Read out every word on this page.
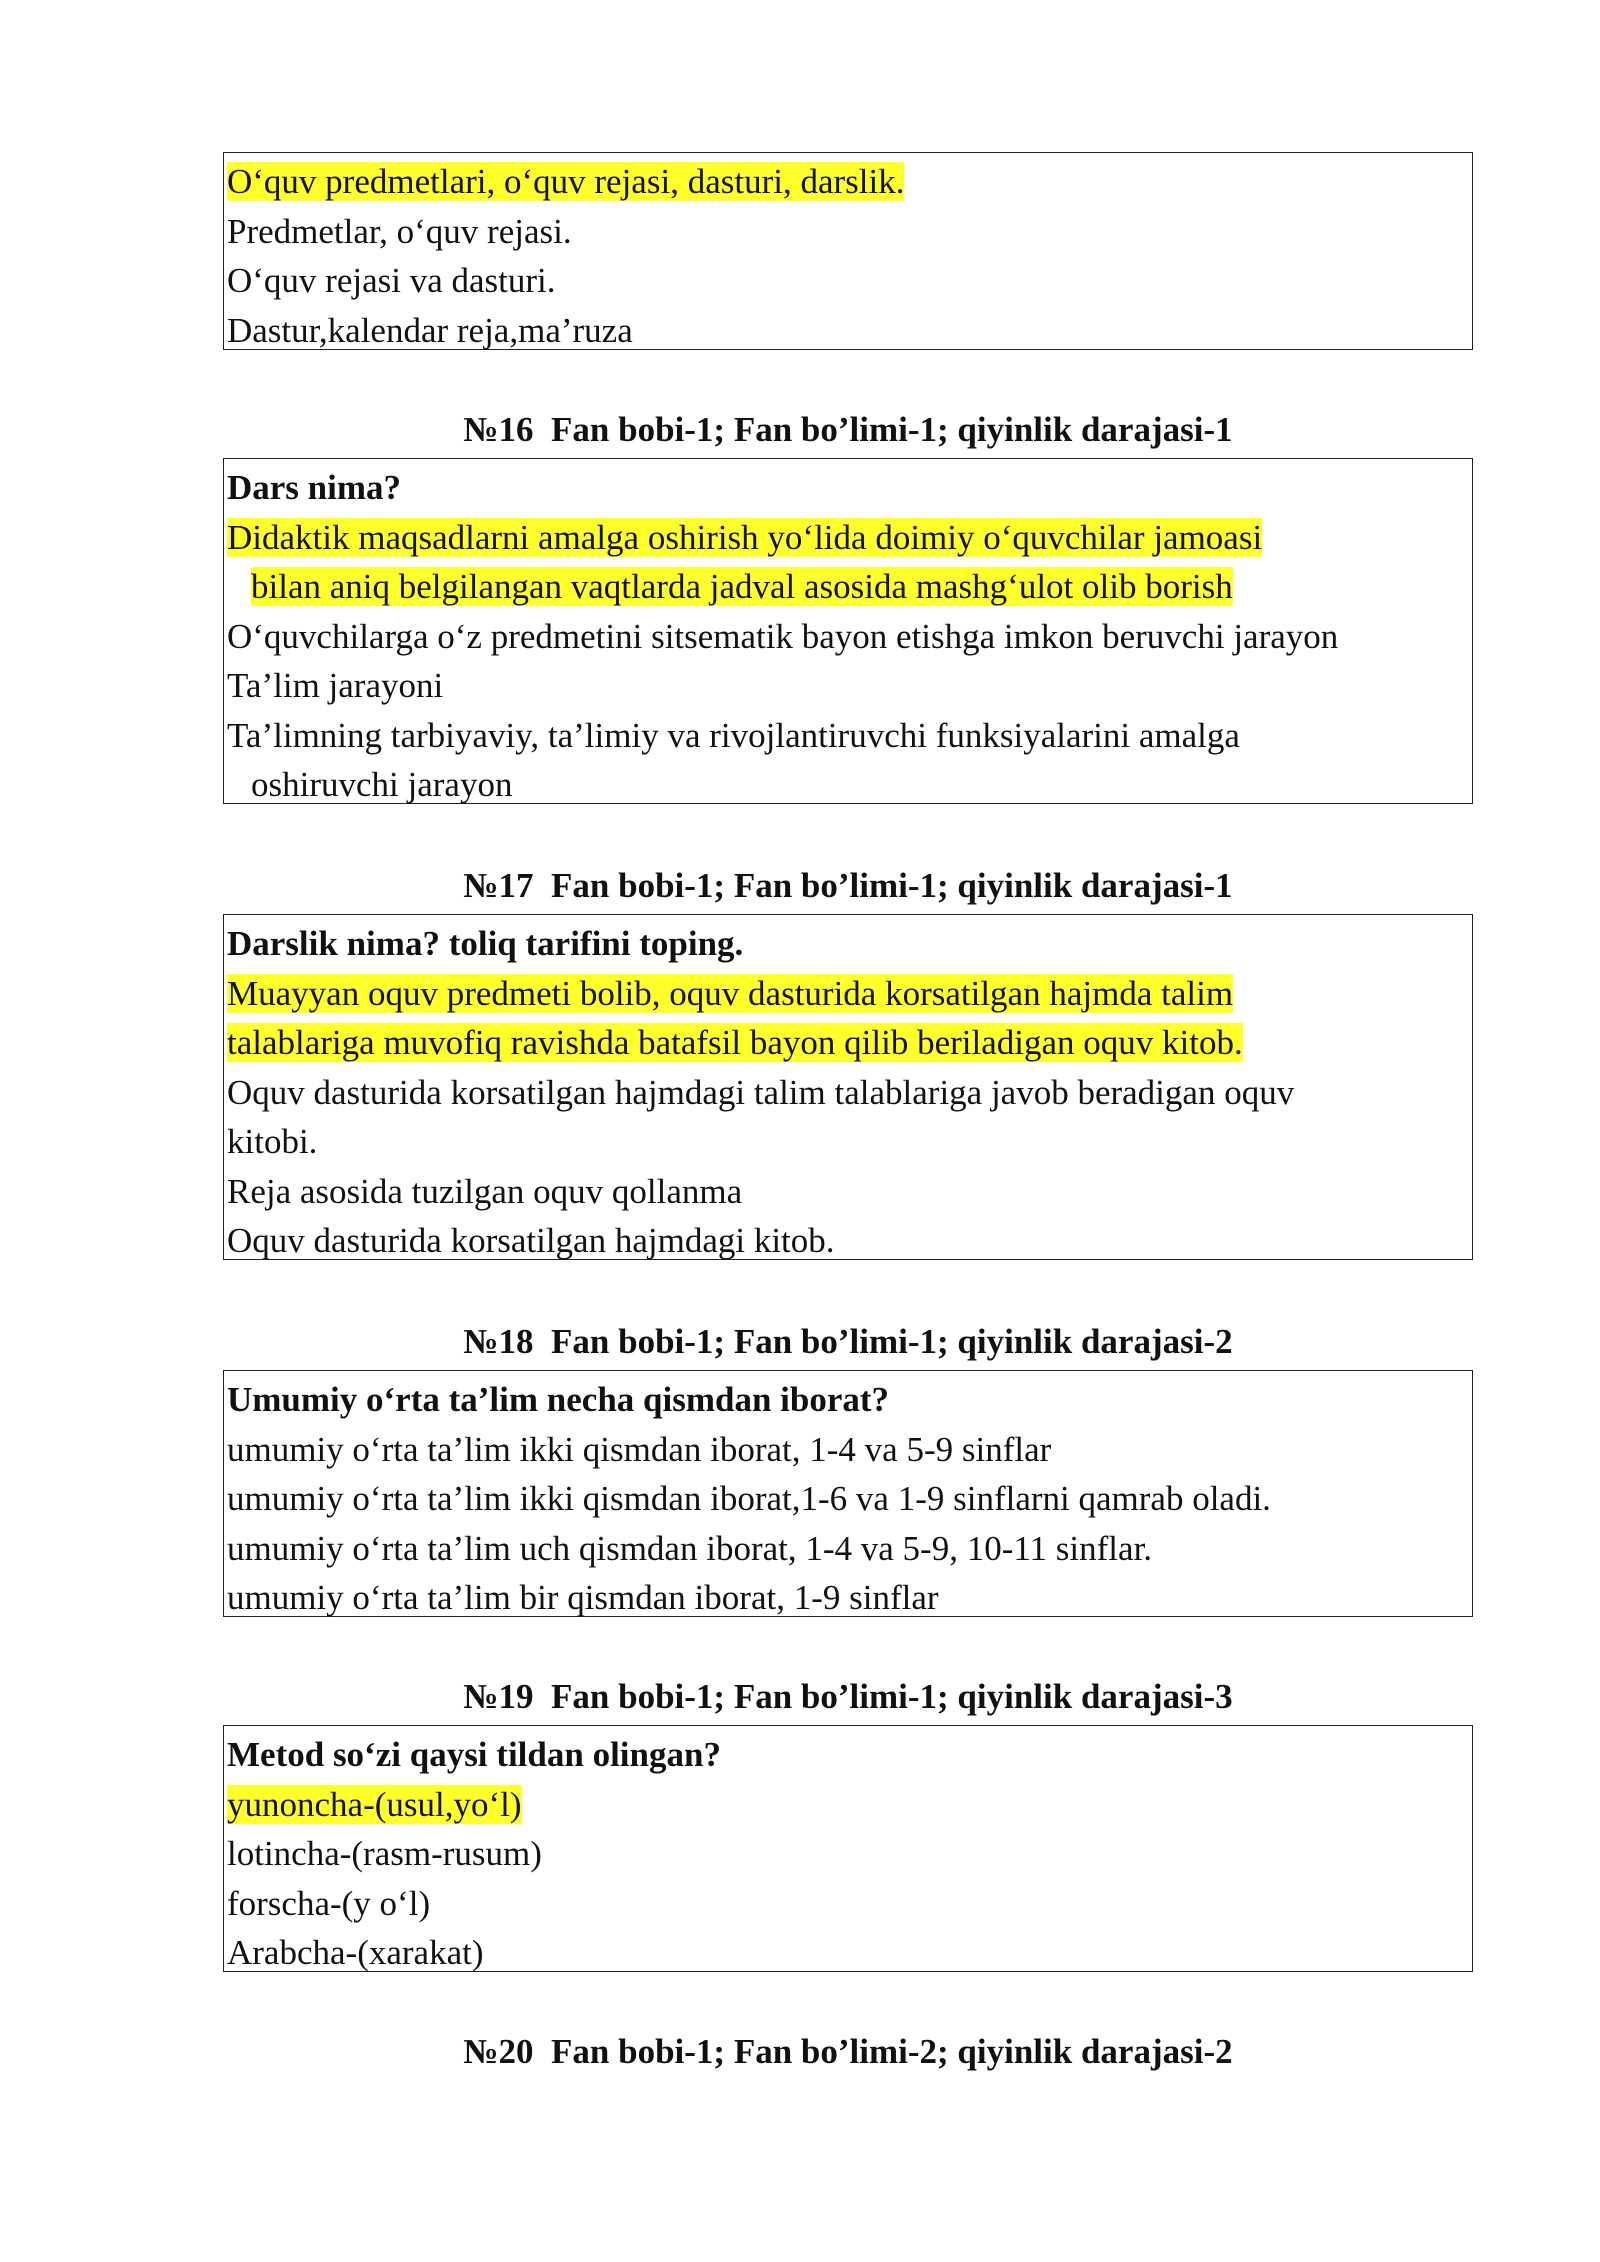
O‘quv predmetlari, o‘quv rejasi, dasturi, darslik.
Predmetlar, o‘quv rejasi.
O‘quv rejasi va dasturi.
Dastur,kalendar reja,ma’ruza
№16  Fan bobi-1; Fan bo’limi-1; qiyinlik darajasi-1
Dars nima?
Didaktik maqsadlarni amalga oshirish yo‘lida doimiy o‘quvchilar jamoasi
bilan aniq belgilangan vaqtlarda jadval asosida mashg‘ulot olib borish
O‘quvchilarga o‘z predmetini sitsematik bayon etishga imkon beruvchi jarayon
Ta’lim jarayoni
Ta’limning tarbiyaviy, ta’limiy va rivojlantiruvchi funksiyalarini amalga
oshiruvchi jarayon
№17  Fan bobi-1; Fan bo’limi-1; qiyinlik darajasi-1
Darslik nima? toliq tarifini toping.
Muayyan oquv predmeti bolib, oquv dasturida korsatilgan hajmda talim
talablariga muvofiq ravishda batafsil bayon qilib beriladigan oquv kitob.
Oquv dasturida korsatilgan hajmdagi talim talablariga javob beradigan oquv
kitobi.
Reja asosida tuzilgan oquv qollanma
Oquv dasturida korsatilgan hajmdagi kitob.
№18  Fan bobi-1; Fan bo’limi-1; qiyinlik darajasi-2
Umumiy o‘rta ta’lim necha qismdan iborat?
umumiy o‘rta ta’lim ikki qismdan iborat, 1-4 va 5-9 sinflar
umumiy o‘rta ta’lim ikki qismdan iborat,1-6 va 1-9 sinflarni qamrab oladi.
umumiy o‘rta ta’lim uch qismdan iborat, 1-4 va 5-9, 10-11 sinflar.
umumiy o‘rta ta’lim bir qismdan iborat, 1-9 sinflar
№19  Fan bobi-1; Fan bo’limi-1; qiyinlik darajasi-3
Metod so‘zi qaysi tildan olingan?
yunoncha-(usul,yo‘l)
lotincha-(rasm-rusum)
forscha-(y o‘l)
Arabcha-(xarakat)
№20  Fan bobi-1; Fan bo’limi-2; qiyinlik darajasi-2
